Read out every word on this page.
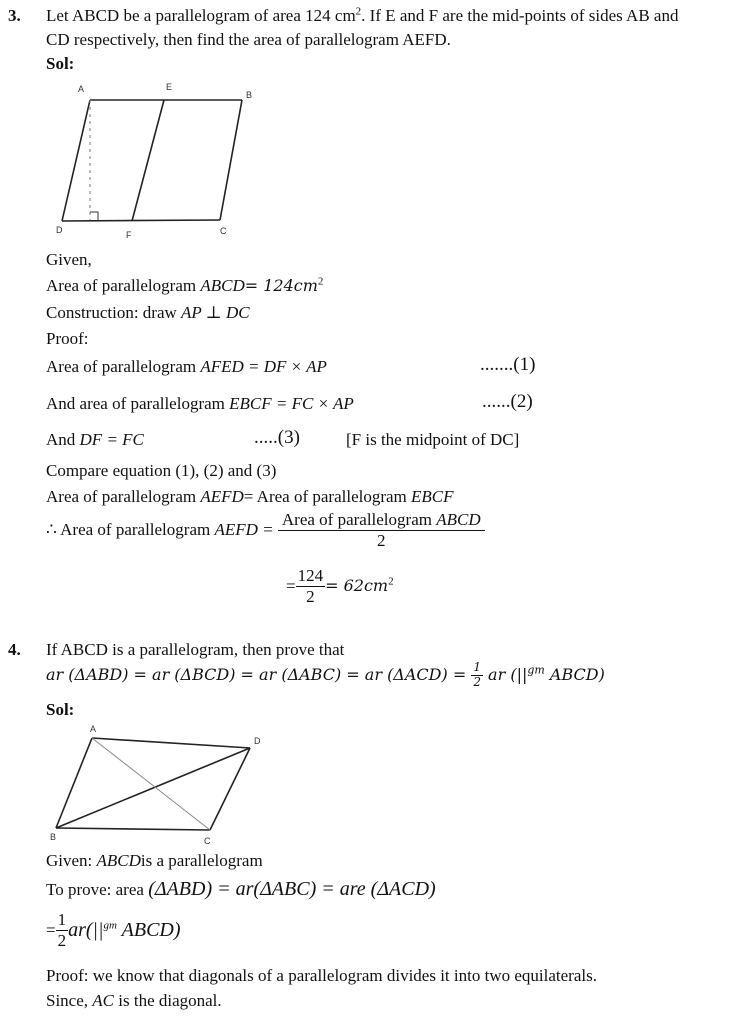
3. Let ABCD be a parallelogram of area 124 $cm^2$. If E and F are the mid-points of sides AB and
CD respectively, then find the area of parallelogram AEFD.
Sol:
A	E
B
D	F	C
Given,
Area of parallelogram ABCD= $124cm^2$
Construction: draw AP ⊥ DC
Proof:
Area of parallelogram AFED = DF × AP	.......(1)
And area of parallelogram EBCF = FC × AP	......(2)
And DF = FC	.....(3)	[F is the midpoint of DC]
Compare equation (1), (2) and (3)
Area of parallelogram AEFD= Area of parallelogram EBCF
∴ Area of parallelogram AEFD = $\frac{\text{Area of parallelogram ABCD}}{2}$
= $\frac{124}{2} = 62cm^2$
4. If ABCD is a parallelogram, then prove that
ar (ΔABD) = ar (ΔBCD) = ar (ΔABC) = ar $(\Delta ACD) = \frac{1}{2}$ ar ($||^{gm}$ ABCD)
Sol:
A
D
B	C
Given: ABCDis a parallelogram
To prove: area (ΔABD) = ar(ΔABC) = are (ΔACD)
= $\frac{1}{2} ar(||^{gm}$ ABCD)
Proof: we know that diagonals of a parallelogram divides it into two equilaterals.
Since, AC is the diagonal.
